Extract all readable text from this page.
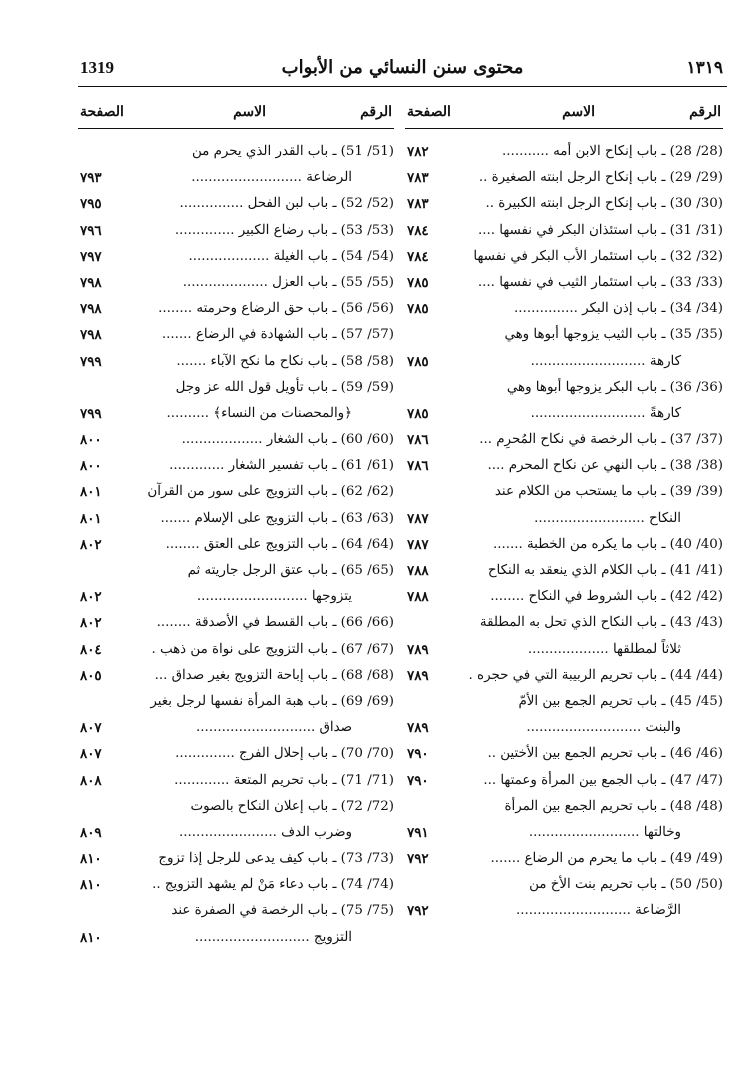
1319	محتوى سنن النسائي من الأبواب	١٣١٩
الرقم
الاسم
الصفحة
(28/ 28) ـ باب إنكاح الابن أمه ...........
٧٨٢
(29/ 29) ـ باب إنكاح الرجل ابنته الصغيرة ..
٧٨٣
(30/ 30) ـ باب إنكاح الرجل ابنته الكبيرة ..
٧٨٣
(31/ 31) ـ باب استئذان البكر في نفسها ....
٧٨٤
(32/ 32) ـ باب استئمار الأب البكر في نفسها
٧٨٤
(33/ 33) ـ باب استئمار الثيب في نفسها ....
٧٨٥
(34/ 34) ـ باب إذن البكر ...............
٧٨٥
(35/ 35) ـ باب الثيب يزوجها أبوها وهي
كارهة ...........................
٧٨٥
(36/ 36) ـ باب البكر يزوجها أبوها وهي
كارهةً ...........................
٧٨٥
(37/ 37) ـ باب الرخصة في نكاح المُحرِم ...
٧٨٦
(38/ 38) ـ باب النهي عن نكاح المحرم ....
٧٨٦
(39/ 39) ـ باب ما يستحب من الكلام عند
النكاح ..........................
٧٨٧
(40/ 40) ـ باب ما يكره من الخطبة .......
٧٨٧
(41/ 41) ـ باب الكلام الذي ينعقد به النكاح
٧٨٨
(42/ 42) ـ باب الشروط في النكاح ........
٧٨٨
(43/ 43) ـ باب النكاح الذي تحل به المطلقة
ثلاثاً لمطلقها ...................
٧٨٩
(44/ 44) ـ باب تحريم الربيبة التي في حجره .
٧٨٩
(45/ 45) ـ باب تحريم الجمع بين الأمّ
والبنت ...........................
٧٨٩
(46/ 46) ـ باب تحريم الجمع بين الأختين ..
٧٩٠
(47/ 47) ـ باب الجمع بين المرأة وعمتها ...
٧٩٠
(48/ 48) ـ باب تحريم الجمع بين المرأة
وخالتها ..........................
٧٩١
(49/ 49) ـ باب ما يحرم من الرضاع .......
٧٩٢
(50/ 50) ـ باب تحريم بنت الأخ من
الرَّضاعة ...........................
٧٩٢
الرقم
الاسم
الصفحة
(51/ 51) ـ باب القدر الذي يحرم من
الرضاعة ..........................
٧٩٣
(52/ 52) ـ باب لبن الفحل ...............
٧٩٥
(53/ 53) ـ باب رضاع الكبير ..............
٧٩٦
(54/ 54) ـ باب الغيلة ...................
٧٩٧
(55/ 55) ـ باب العزل ....................
٧٩٨
(56/ 56) ـ باب حق الرضاع وحرمته ........
٧٩٨
(57/ 57) ـ باب الشهادة في الرضاع .......
٧٩٨
(58/ 58) ـ باب نكاح ما نكح الآباء .......
٧٩٩
(59/ 59) ـ باب تأويل قول الله عز وجل
﴿والمحصنات من النساء﴾ ..........
٧٩٩
(60/ 60) ـ باب الشغار ...................
٨٠٠
(61/ 61) ـ باب تفسير الشغار .............
٨٠٠
(62/ 62) ـ باب التزويج على سور من القرآن
٨٠١
(63/ 63) ـ باب التزويج على الإسلام .......
٨٠١
(64/ 64) ـ باب التزويج على العتق ........
٨٠٢
(65/ 65) ـ باب عتق الرجل جاريته ثم
يتزوجها ..........................
٨٠٢
(66/ 66) ـ باب القسط في الأصدقة ........
٨٠٢
(67/ 67) ـ باب التزويج على نواة من ذهب .
٨٠٤
(68/ 68) ـ باب إباحة التزويج بغير صداق ...
٨٠٥
(69/ 69) ـ باب هبة المرأة نفسها لرجل بغير
صداق ............................
٨٠٧
(70/ 70) ـ باب إحلال الفرج ..............
٨٠٧
(71/ 71) ـ باب تحريم المتعة .............
٨٠٨
(72/ 72) ـ باب إعلان النكاح بالصوت
وضرب الدف .......................
٨٠٩
(73/ 73) ـ باب كيف يدعى للرجل إذا تزوج
٨١٠
(74/ 74) ـ باب دعاء مَنْ لم يشهد التزويج ..
٨١٠
(75/ 75) ـ باب الرخصة في الصفرة عند
التزويج ...........................
٨١٠
